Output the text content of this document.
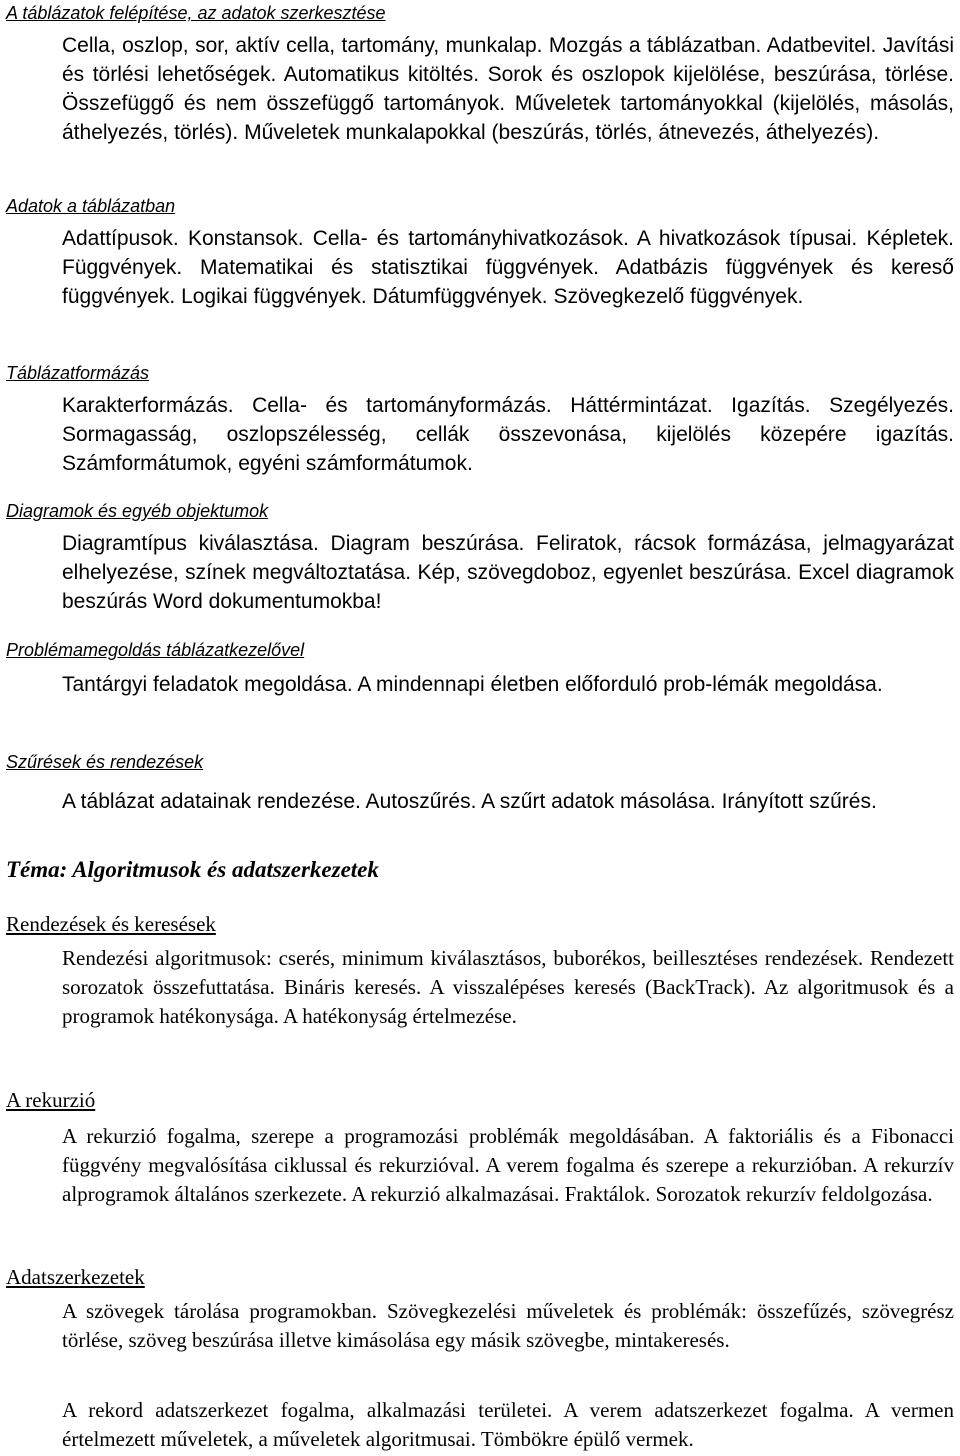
A táblázatok felépítése, az adatok szerkesztése
Cella, oszlop, sor, aktív cella, tartomány, munkalap. Mozgás a táblázatban. Adatbevitel. Javítási és törlési lehetőségek. Automatikus kitöltés. Sorok és oszlopok kijelölése, beszúrása, törlése. Összefüggő és nem összefüggő tartományok. Műveletek tartományokkal (kijelölés, másolás, áthelyezés, törlés). Műveletek munkalapokkal (beszúrás, törlés, átnevezés, áthelyezés).
Adatok a táblázatban
Adattípusok. Konstansok. Cella- és tartományhivatkozások. A hivatkozások típusai. Képletek. Függvények. Matematikai és statisztikai függvények. Adatbázis függvények és kereső függvények. Logikai függvények. Dátumfüggvények. Szövegkezelő függvények.
Táblázatformázás
Karakterformázás. Cella- és tartományformázás. Háttérmintázat. Igazítás. Szegélyezés. Sormagasság, oszlopszélesség, cellák összevonása, kijelölés közepére igazítás. Számformátumok, egyéni számformátumok.
Diagramok és egyéb objektumok
Diagramtípus kiválasztása. Diagram beszúrása. Feliratok, rácsok formázása, jelmagyarázat elhelyezése, színek megváltoztatása. Kép, szövegdoboz, egyenlet beszúrása. Excel diagramok beszúrás Word dokumentumokba!
Problémamegoldás táblázatkezelővel
Tantárgyi feladatok megoldása. A mindennapi életben előforduló prob-lémák megoldása.
Szűrések és rendezések
A táblázat adatainak rendezése. Autoszűrés. A szűrt adatok másolása. Irányított szűrés.
Téma: Algoritmusok és adatszerkezetek
Rendezések és keresések
Rendezési algoritmusok: cserés, minimum kiválasztásos, buborékos, beillesztéses rendezések. Rendezett sorozatok összefuttatása. Bináris keresés. A visszalépéses keresés (BackTrack). Az algoritmusok és a programok hatékonysága. A hatékonyság értelmezése.
A rekurzió
A rekurzió fogalma, szerepe a programozási problémák megoldásában. A faktoriális és a Fibonacci függvény megvalósítása ciklussal és rekurzióval. A verem fogalma és szerepe a rekurzióban. A rekurzív alprogramok általános szerkezete. A rekurzió alkalmazásai. Fraktálok. Sorozatok rekurzív feldolgozása.
Adatszerkezetek
A szövegek tárolása programokban. Szövegkezelési műveletek és problémák: összefűzés, szövegrész törlése, szöveg beszúrása illetve kimásolása egy másik szövegbe, mintakeresés.
A rekord adatszerkezet fogalma, alkalmazási területei. A verem adatszerkezet fogalma. A vermen értelmezett műveletek, a műveletek algoritmusai. Tömbökre épülő vermek.
